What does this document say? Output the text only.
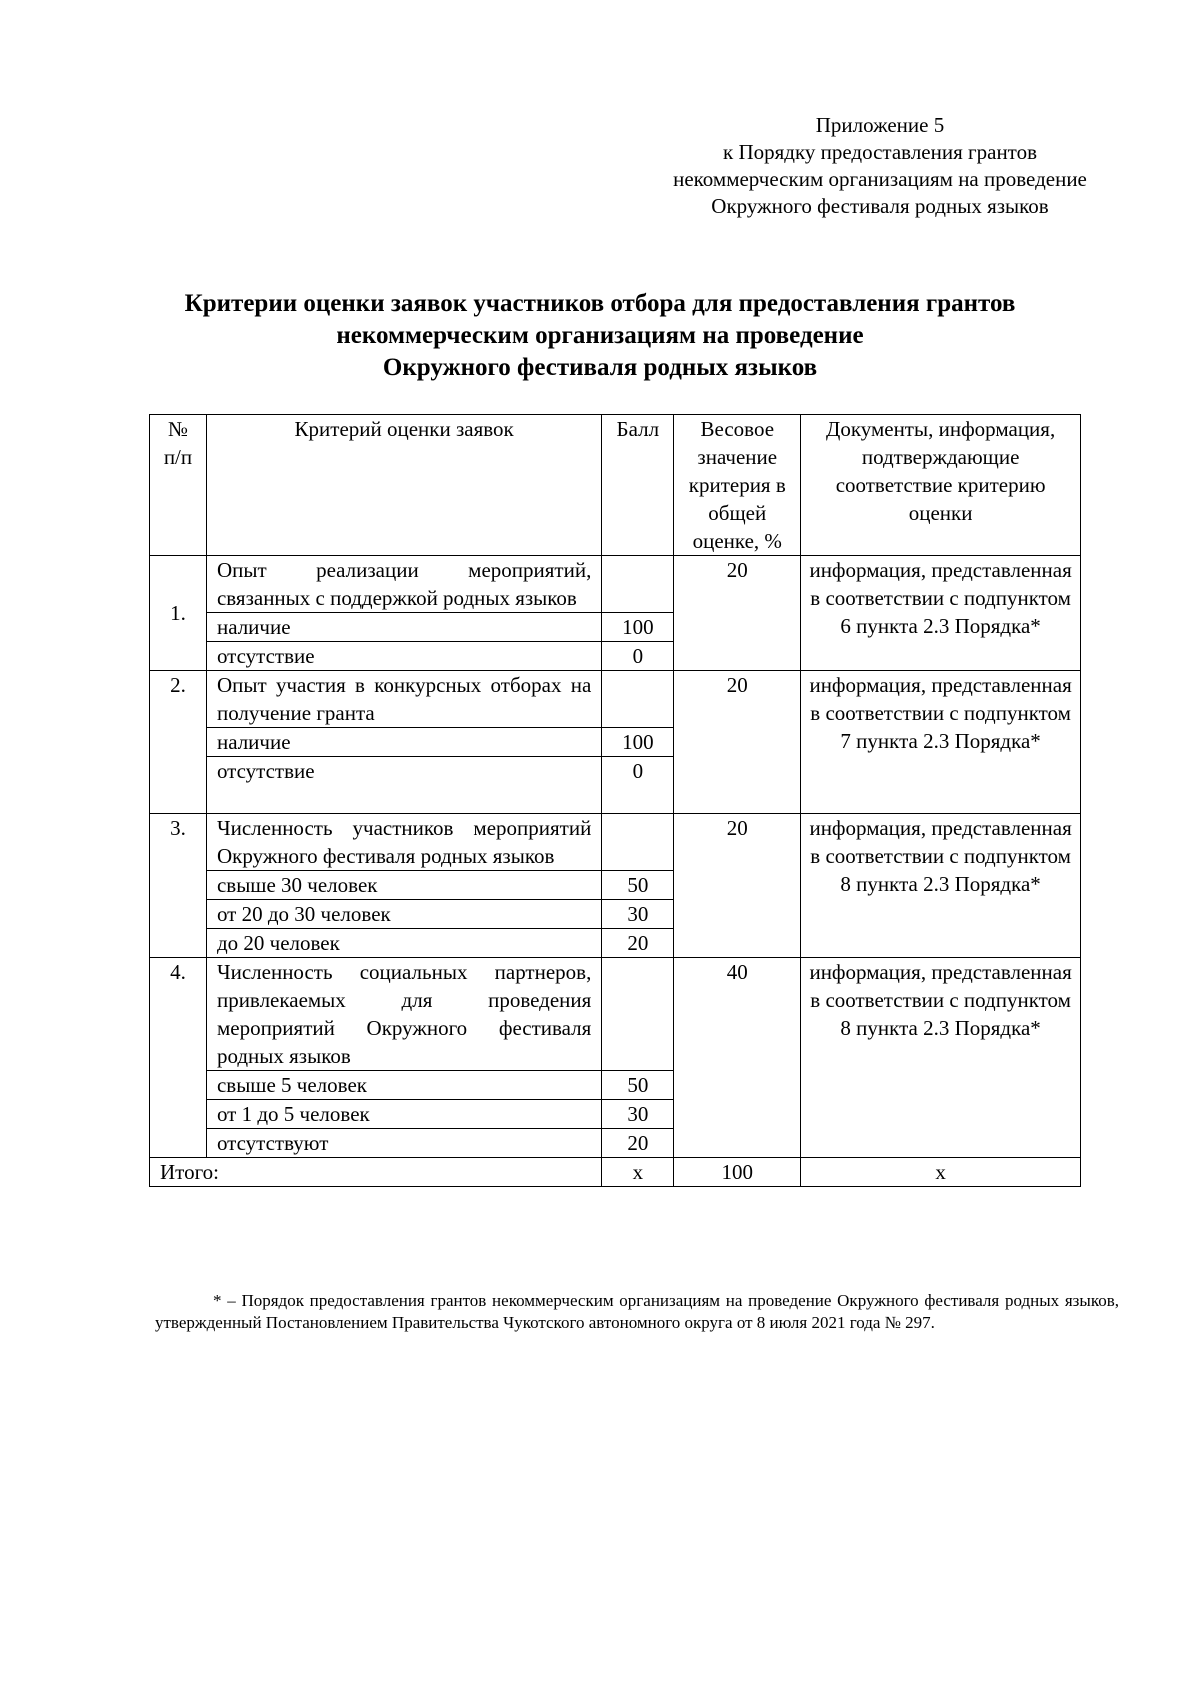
Приложение 5
к Порядку предоставления грантов
некоммерческим организациям на проведение
Окружного фестиваля родных языков
Критерии оценки заявок участников отбора для предоставления грантов
некоммерческим организациям на проведение
Окружного фестиваля родных языков
№ п/п	Критерий оценки заявок	Балл	Весовое значение критерия в общей оценке, %	Документы, информация, подтверждающие соответствие критерию оценки
1.	Опыт реализации мероприятий, связанных с поддержкой родных языков		20	информация, представленная в соответствии с подпунктом 6 пункта 2.3 Порядка*
	наличие	100		
	отсутствие	0		
2.	Опыт участия в конкурсных отборах на получение гранта		20	информация, представленная в соответствии с подпунктом 7 пункта 2.3 Порядка*
	наличие	100		
	отсутствие	0		
3.	Численность участников мероприятий Окружного фестиваля родных языков		20	информация, представленная в соответствии с подпунктом 8 пункта 2.3 Порядка*
	свыше 30 человек	50		
	от 20 до 30 человек	30		
	до 20 человек	20		
4.	Численность социальных партнеров, привлекаемых для проведения мероприятий Окружного фестиваля родных языков		40	информация, представленная в соответствии с подпунктом 8 пункта 2.3 Порядка*
	свыше 5 человек	50		
	от 1 до 5 человек	30		
	отсутствуют	20		
Итого:		х	100	х
* – Порядок предоставления грантов некоммерческим организациям на проведение Окружного фестиваля родных языков, утвержденный Постановлением Правительства Чукотского автономного округа от 8 июля 2021 года № 297.
